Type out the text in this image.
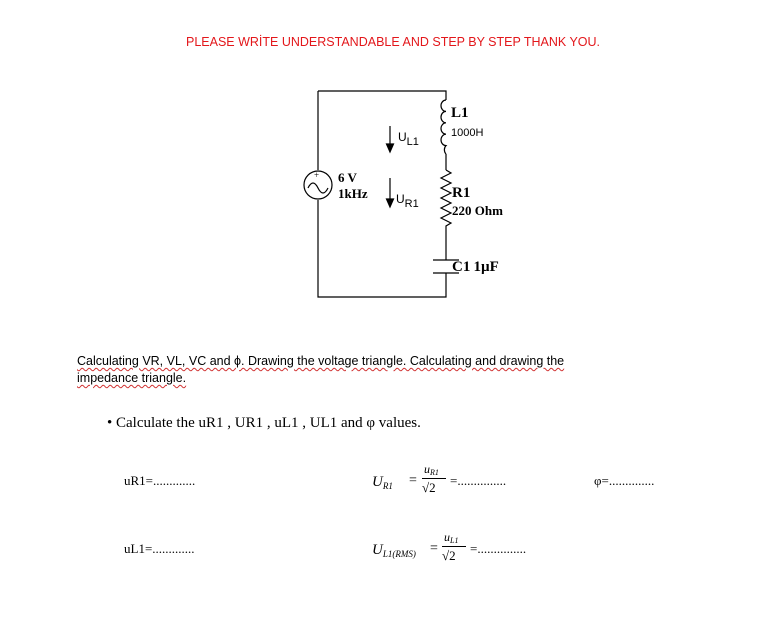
PLEASE WRİTE UNDERSTANDABLE AND STEP BY STEP THANK YOU.
+ 6 V
1kHz
L1
1000H
UL1
R1
220 Ohm
UR1
C1 1µF
Calculating VR, VL, VC and ϕ. Drawing the voltage triangle. Calculating and drawing the
impedance triangle.
• Calculate the uR1 , UR1 , uL1 , UL1 and φ values.
uR1=.............
uL1=.............
φ=..............
$U_{R1}$ =
uR1
√2 =...............
$U_{L1(RMS)}$ =
uL1
√2 =...............
